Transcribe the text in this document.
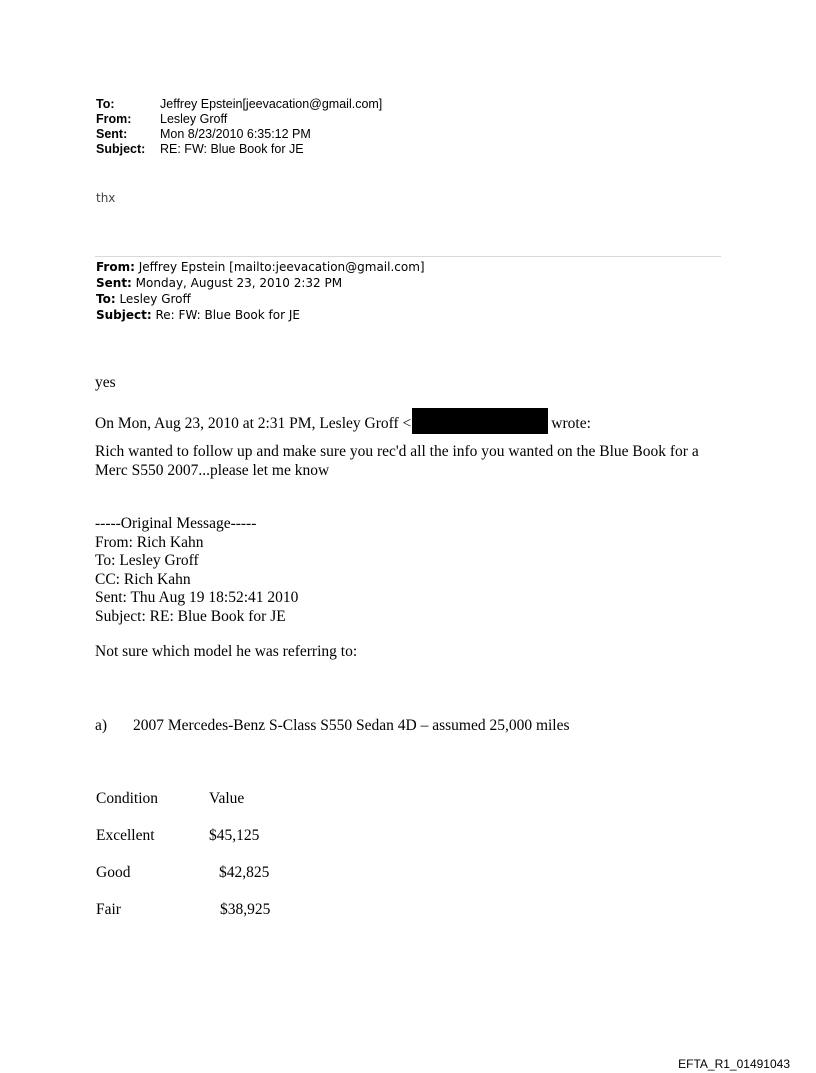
To:	Jeffrey Epstein[jeevacation@gmail.com]
From: Lesley Groff
Sent:	Mon 8/23/2010 6:35:12 PM
Subject: RE: FW: Blue Book for JE
thx
From: Jeffrey Epstein [mailto:jeevacation@gmail.com]
Sent: Monday, August 23, 2010 2:32 PM
To: Lesley Groff
Subject: Re: FW: Blue Book for JE
yes
On Mon, Aug 23, 2010 at 2:31 PM, Lesley Groff <	wrote:
Rich wanted to follow up and make sure you rec'd all the info you wanted on the Blue Book for a
Merc S550 2007...please let me know
-----Original Message-----
From: Rich Kahn
To: Lesley Groff
CC: Rich Kahn
Sent: Thu Aug 19 18:52:41 2010
Subject: RE: Blue Book for JE
Not sure which model he was referring to:
a) 2007 Mercedes-Benz S-Class S550 Sedan 4D – assumed 25,000 miles
Condition	Value
Excellent	$45,125
Good	$42,825
Fair	$38,925
EFTA_R1_01491043
